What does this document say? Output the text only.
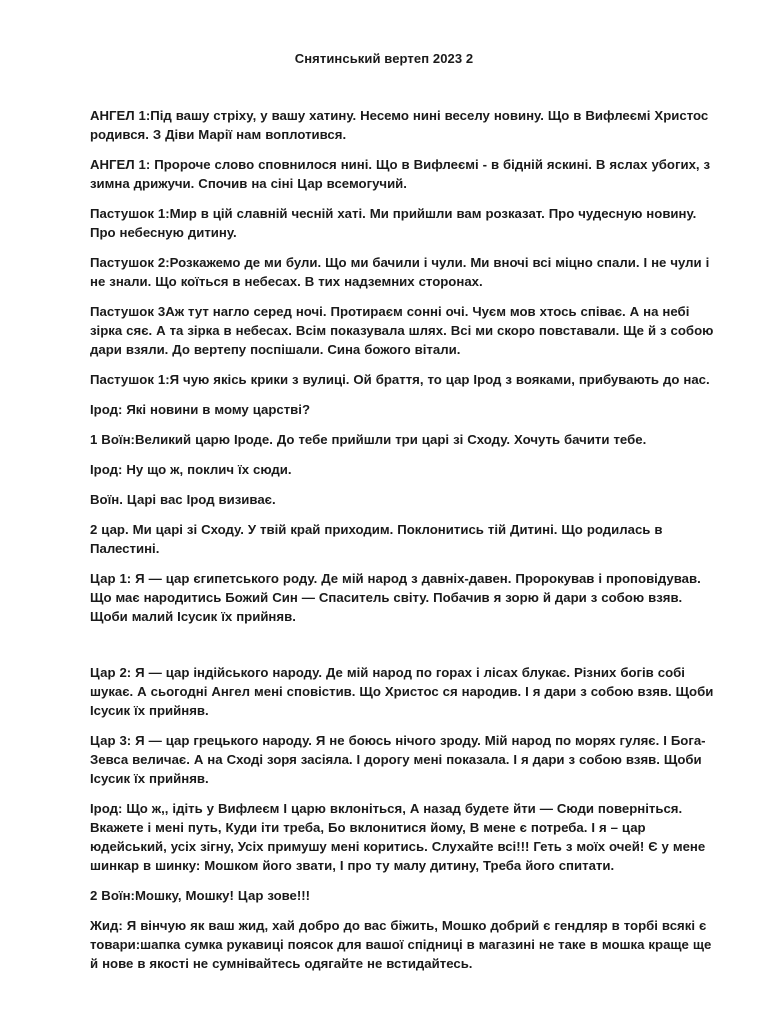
Снятинський вертеп 2023 2

АНГЕЛ 1:Під вашу стріху, у вашу хатину. Несемо нині веселу новину. Що в Вифлеємі Христос родився. З Діви Марії нам воплотився.

АНГЕЛ 1: Пророче слово сповнилося нині. Що в Вифлеємі - в бідній яскині. В яслах убогих, з зимна дрижучи. Спочив на сіні Цар всемогучий.

Пастушок 1:Мир в цій славній чесній хаті. Ми прийшли вам розказат. Про чудесную новину. Про небесную дитину.

Пастушок 2:Розкажемо де ми були. Що ми бачили і чули. Ми вночі всі міцно спали. І не чули і не знали. Що коїться в небесах. В тих надземних сторонах.

Пастушок 3Аж тут нагло серед ночі. Протираєм сонні очі. Чуєм мов хтось співає. А на небі зірка сяє. А та зірка в небесах. Всім показувала шлях. Всі ми скоро повставали. Ще й з собою дари взяли. До вертепу поспішали. Сина божого вітали.

Пастушок 1:Я чую якісь крики з вулиці. Ой браття, то цар Ірод з вояками, прибувають до нас.

Ірод: Які новини в мому царстві?

1 Воїн:Великий царю Іроде. До тебе прийшли три царі зі Сходу. Хочуть бачити тебе.

Ірод: Ну що ж, поклич їх сюди.

Воїн. Царі вас Ірод визиває.

2 цар. Ми царі зі Сходу. У твій край приходим. Поклонитись тій Дитині. Що родилась в Палестині.

Цар 1: Я — цар єгипетського роду. Де мій народ з давніх-давен. Пророкував і проповідував. Що має народитись Божий Син — Спаситель світу. Побачив я зорю й дари з собою взяв. Щоби малий Ісусик їх прийняв.

Цар 2: Я — цар індійського народу. Де мій народ по горах і лісах блукає. Різних богів собі шукає. А сьогодні Ангел мені сповістив. Що Христос ся народив. І я дари з собою взяв. Щоби Ісусик їх прийняв.

Цар 3: Я — цар грецького народу. Я не боюсь нічого зроду. Мій народ по морях гуляє. І Бога-Зевса величає. А на Сході зоря засіяла. І дорогу мені показала. І я дари з собою взяв. Щоби Ісусик їх прийняв.

Ірод: Що ж,, ідіть у Вифлеєм І царю вклоніться, А назад будете йти — Сюди поверніться. Вкажете і мені путь, Куди іти треба, Бо вклонитися йому, В мене є потреба. І я – цар юдейський, усіх зігну, Усіх примушу мені коритись. Слухайте всі!!! Геть з моїх очей! Є у мене шинкар в шинку: Мошком його звати, І про ту малу дитину, Треба його спитати.

2 Воїн:Мошку, Мошку! Цар зове!!!

Жид: Я вінчую як ваш жид, хай добро до вас біжить, Мошко добрий є гендляр в торбі всякі є товари:шапка сумка рукавиці поясок для вашої спідниці в магазині не таке в мошка краще ще й нове в якості не сумнівайтесь одягайте не встидайтесь.
